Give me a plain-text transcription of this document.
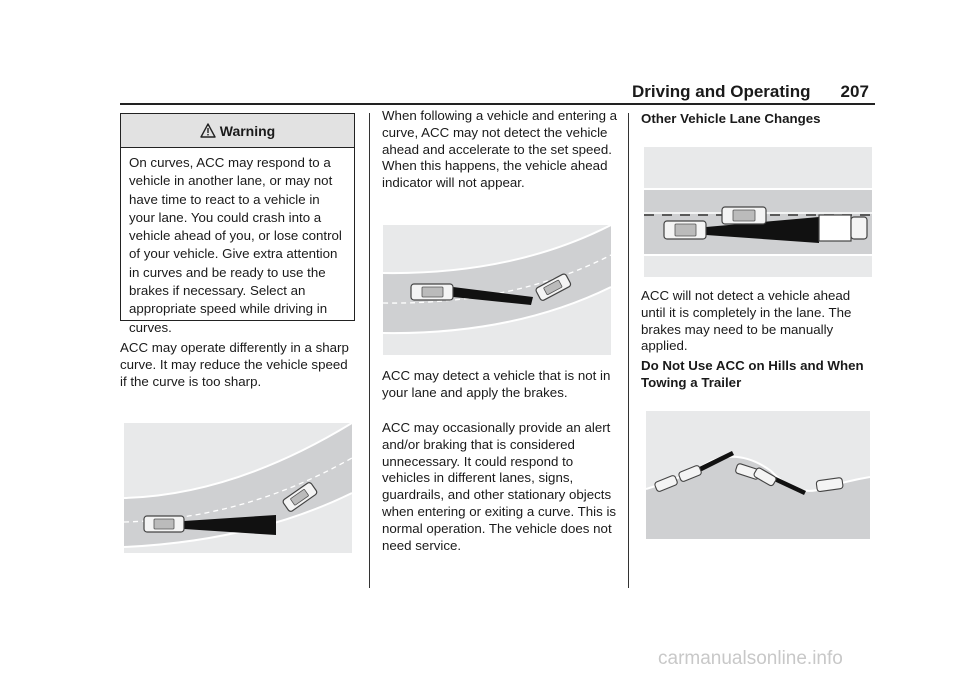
Driving and Operating 207
Warning
On curves, ACC may respond to a vehicle in another lane, or may not have time to react to a vehicle in your lane. You could crash into a vehicle ahead of you, or lose control of your vehicle. Give extra attention in curves and be ready to use the brakes if necessary. Select an appropriate speed while driving in curves.
ACC may operate differently in a sharp curve. It may reduce the vehicle speed if the curve is too sharp.
When following a vehicle and entering a curve, ACC may not detect the vehicle ahead and accelerate to the set speed. When this happens, the vehicle ahead indicator will not appear.
ACC may detect a vehicle that is not in your lane and apply the brakes.
ACC may occasionally provide an alert and/or braking that is considered unnecessary. It could respond to vehicles in different lanes, signs, guardrails, and other stationary objects when entering or exiting a curve. This is normal operation. The vehicle does not need service.
Other Vehicle Lane Changes
ACC will not detect a vehicle ahead until it is completely in the lane. The brakes may need to be manually applied.
Do Not Use ACC on Hills and When Towing a Trailer
carmanualsonline.info
